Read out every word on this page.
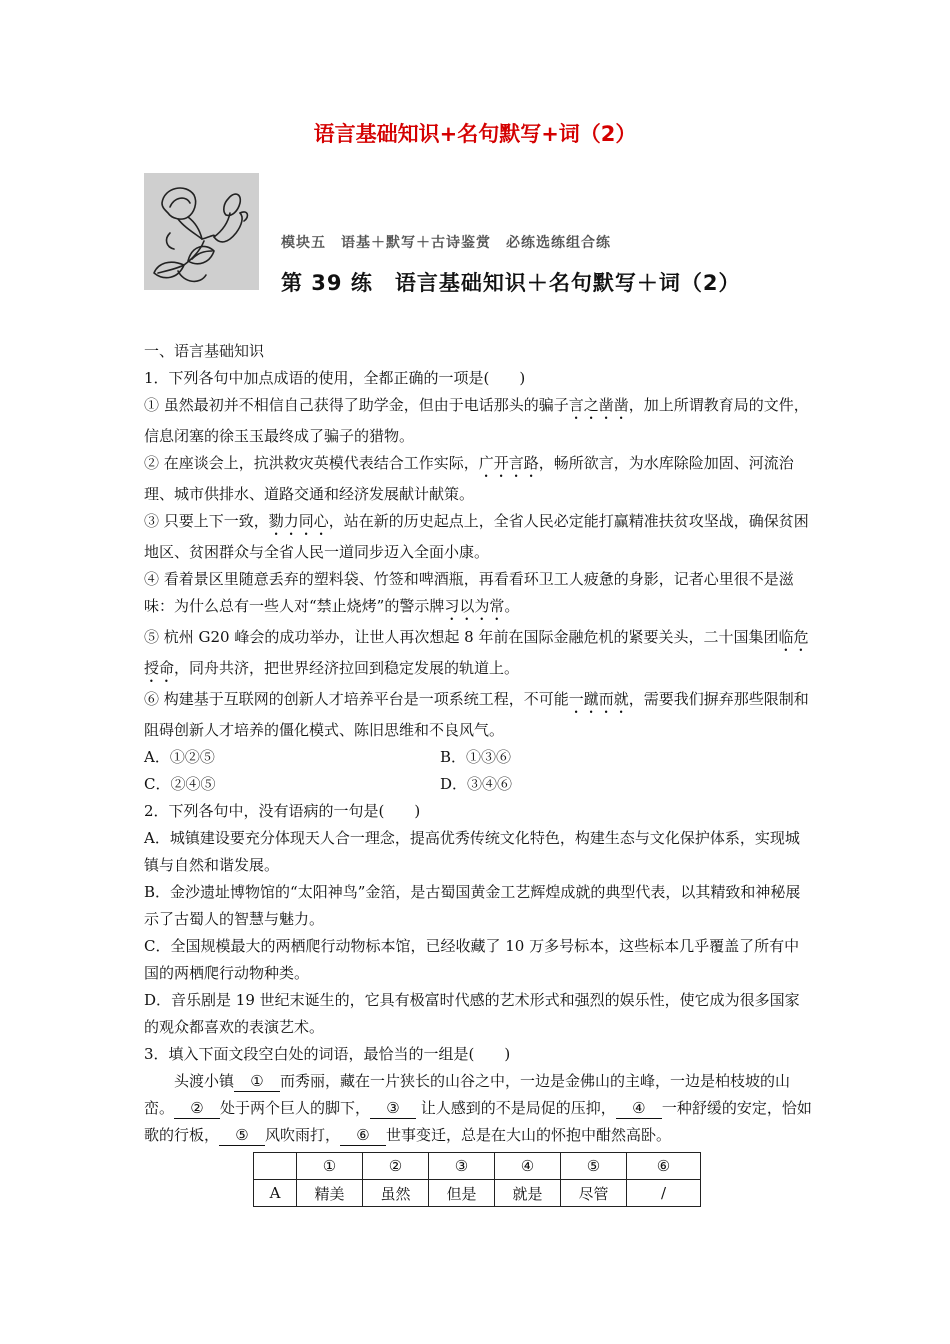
语言基础知识+名句默写+词（2）
模块五　语基＋默写＋古诗鉴赏　必练选练组合练
第 39 练　语言基础知识＋名句默写＋词（2）

一、语言基础知识

1．下列各句中加点成语的使用，全都正确的一项是(　　)

① 虽然最初并不相信自己获得了助学金，但由于电话那头的骗子言之凿凿，加上所谓教育局的文件，信息闭塞的徐玉玉最终成了骗子的猎物。

② 在座谈会上，抗洪救灾英模代表结合工作实际，广开言路，畅所欲言，为水库除险加固、河流治理、城市供排水、道路交通和经济发展献计献策。

③ 只要上下一致，勠力同心，站在新的历史起点上，全省人民必定能打赢精准扶贫攻坚战，确保贫困地区、贫困群众与全省人民一道同步迈入全面小康。

④ 看着景区里随意丢弃的塑料袋、竹签和啤酒瓶，再看看环卫工人疲惫的身影，记者心里很不是滋味：为什么总有一些人对“禁止烧烤”的警示牌习以为常。

⑤ 杭州 G20 峰会的成功举办，让世人再次想起 8 年前在国际金融危机的紧要关头，二十国集团临危授命，同舟共济，把世界经济拉回到稳定发展的轨道上。

⑥ 构建基于互联网的创新人才培养平台是一项系统工程，不可能一蹴而就，需要我们摒弃那些限制和阻碍创新人才培养的僵化模式、陈旧思维和不良风气。

A．①②⑤	B．①③⑥
C．②④⑤	D．③④⑥

2．下列各句中，没有语病的一句是(　　)

A．城镇建设要充分体现天人合一理念，提高优秀传统文化特色，构建生态与文化保护体系，实现城镇与自然和谐发展。

B．金沙遗址博物馆的“太阳神鸟”金箔，是古蜀国黄金工艺辉煌成就的典型代表，以其精致和神秘展示了古蜀人的智慧与魅力。

C．全国规模最大的两栖爬行动物标本馆，已经收藏了 10 万多号标本，这些标本几乎覆盖了所有中国的两栖爬行动物种类。

D．音乐剧是 19 世纪末诞生的，它具有极富时代感的艺术形式和强烈的娱乐性，使它成为很多国家的观众都喜欢的表演艺术。

3．填入下面文段空白处的词语，最恰当的一组是(　　)

头渡小镇 ① 而秀丽，藏在一片狭长的山谷之中，一边是金佛山的主峰，一边是柏枝坡的山峦。 ② 处于两个巨人的脚下， ③ 让人感到的不是局促的压抑， ④ 一种舒缓的安定，恰如歌的行板， ⑤ 风吹雨打， ⑥ 世事变迁，总是在大山的怀抱中酣然高卧。

	①	②	③	④	⑤	⑥
A	精美	虽然	但是	就是	尽管	/
